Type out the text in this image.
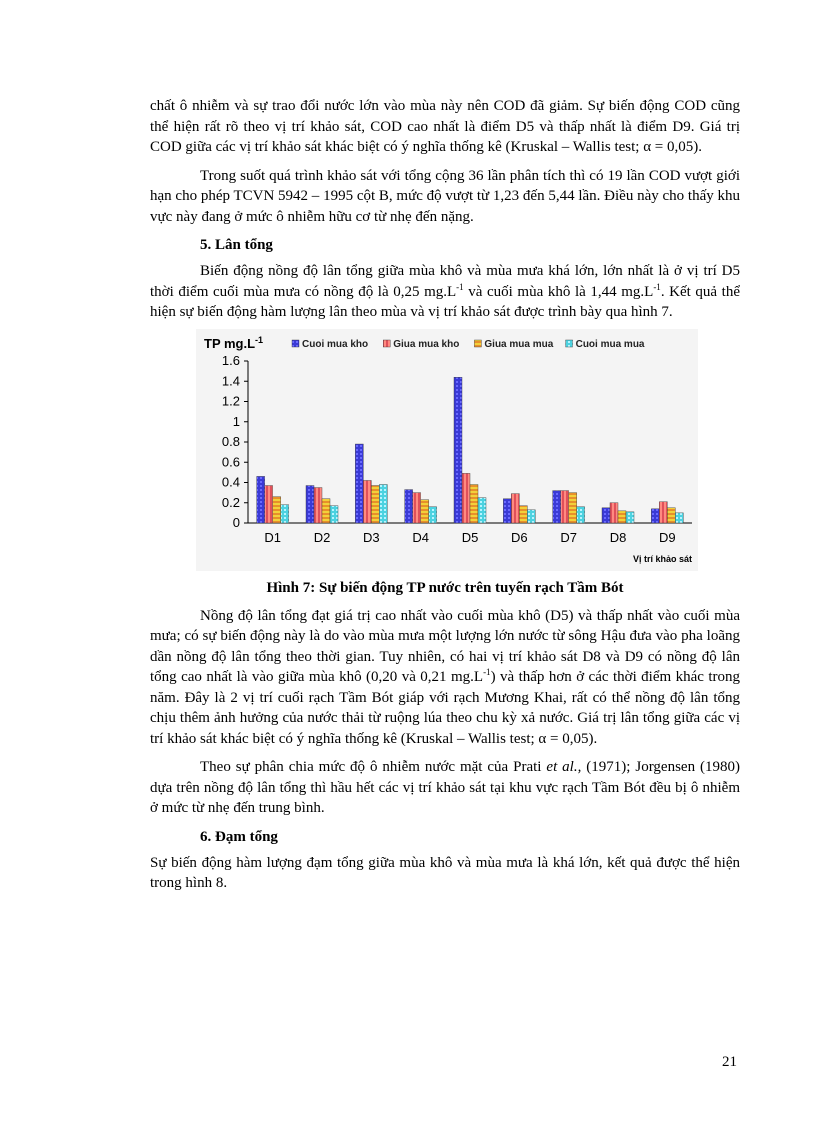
chất ô nhiễm và sự trao đổi nước lớn vào mùa này nên COD đã giảm. Sự biến động COD cũng thể hiện rất rõ theo vị trí khảo sát, COD cao nhất là điểm D5 và thấp nhất là điểm D9. Giá trị COD giữa các vị trí khảo sát khác biệt có ý nghĩa thống kê (Kruskal – Wallis test; α = 0,05).

Trong suốt quá trình khảo sát với tổng cộng 36 lần phân tích thì có 19 lần COD vượt giới hạn cho phép TCVN 5942 – 1995 cột B, mức độ vượt từ 1,23 đến 5,44 lần. Điều này cho thấy khu vực này đang ở mức ô nhiễm hữu cơ từ nhẹ đến nặng.

5. Lân tổng

Biến động nồng độ lân tổng giữa mùa khô và mùa mưa khá lớn, lớn nhất là ở vị trí D5 thời điểm cuối mùa mưa có nồng độ là 0,25 $mg.L^{-1}$ và cuối mùa khô là 1,44 $mg.L^{-1}$. Kết quả thể hiện sự biến động hàm lượng lân theo mùa và vị trí khảo sát được trình bày qua hình 7.

TP $mg.L^{-1}$	Cuoi mua kho	Giua mua kho	Giua mua mua Cuoi mua mua
0
0.2
0.4
0.6
0.8
1
1.2
1.4
1.6
D1	D2	D3	D4	D5	D6	D7	D8	D9
Vị trí khảo sát
Hình 7: Sự biến động TP nước trên tuyến rạch Tầm Bót

Nồng độ lân tổng đạt giá trị cao nhất vào cuối mùa khô (D5) và thấp nhất vào cuối mùa mưa; có sự biến động này là do vào mùa mưa một lượng lớn nước từ sông Hậu đưa vào pha loãng dần nồng độ lân tổng theo thời gian. Tuy nhiên, có hai vị trí khảo sát D8 và D9 có nồng độ lân tổng cao nhất là vào giữa mùa khô (0,20 và 0,21 $mg.L^{-1}$) và thấp hơn ở các thời điểm khác trong năm. Đây là 2 vị trí cuối rạch Tầm Bót giáp với rạch Mương Khai, rất có thể nồng độ lân tổng chịu thêm ảnh hưởng của nước thải từ ruộng lúa theo chu kỳ xả nước. Giá trị lân tổng giữa các vị trí khảo sát khác biệt có ý nghĩa thống kê (Kruskal – Wallis test; α = 0,05).

Theo sự phân chia mức độ ô nhiễm nước mặt của Prati et al., (1971); Jorgensen (1980) dựa trên nồng độ lân tổng thì hầu hết các vị trí khảo sát tại khu vực rạch Tầm Bót đều bị ô nhiễm ở mức từ nhẹ đến trung bình.

6. Đạm tổng

Sự biến động hàm lượng đạm tổng giữa mùa khô và mùa mưa là khá lớn, kết quả được thể hiện trong hình 8.

21
